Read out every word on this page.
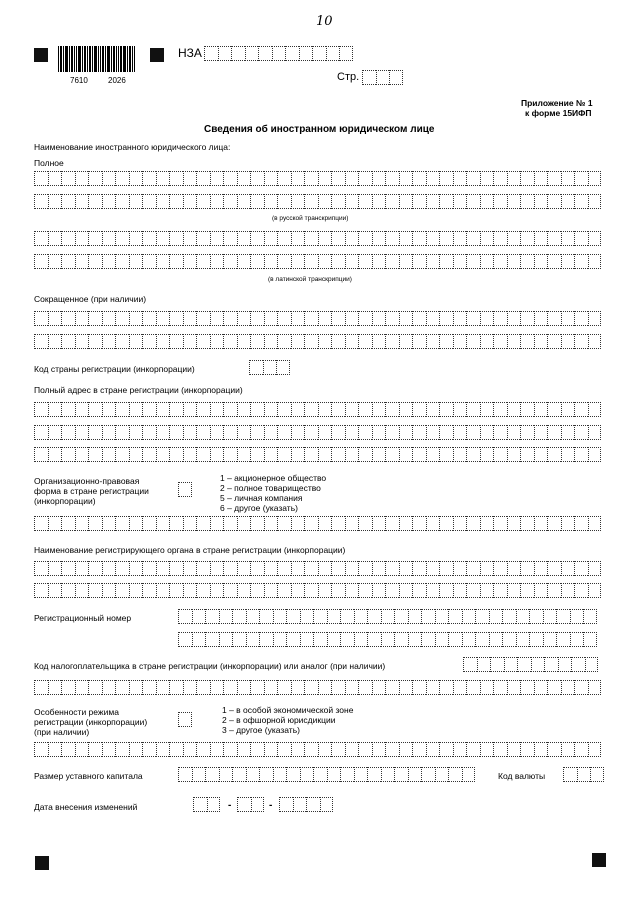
10
7610	2026
НЗА
Стр.
Приложение № 1
к форме 15ИФП
Сведения об иностранном юридическом лице
Наименование иностранного юридического лица:
Полное
(в русской транскрипции)
(в латинской транскрипции)
Сокращенное (при наличии)
Код страны регистрации (инкорпорации)
Полный адрес в стране регистрации (инкорпорации)
Организационно-правовая
форма в стране регистрации
(инкорпорации)
1 – акционерное общество
2 – полное товарищество
5 – личная компания
6 – другое (указать)
Наименование регистрирующего органа в стране регистрации (инкорпорации)
Регистрационный номер
Код налогоплательщика в стране регистрации (инкорпорации) или аналог (при наличии)
Особенности режима
регистрации (инкорпорации)
(при наличии)
1 – в особой экономической зоне
2 – в офшорной юрисдикции
3 – другое (указать)
Размер уставного капитала	Код валюты
Дата внесения изменений	-	-
